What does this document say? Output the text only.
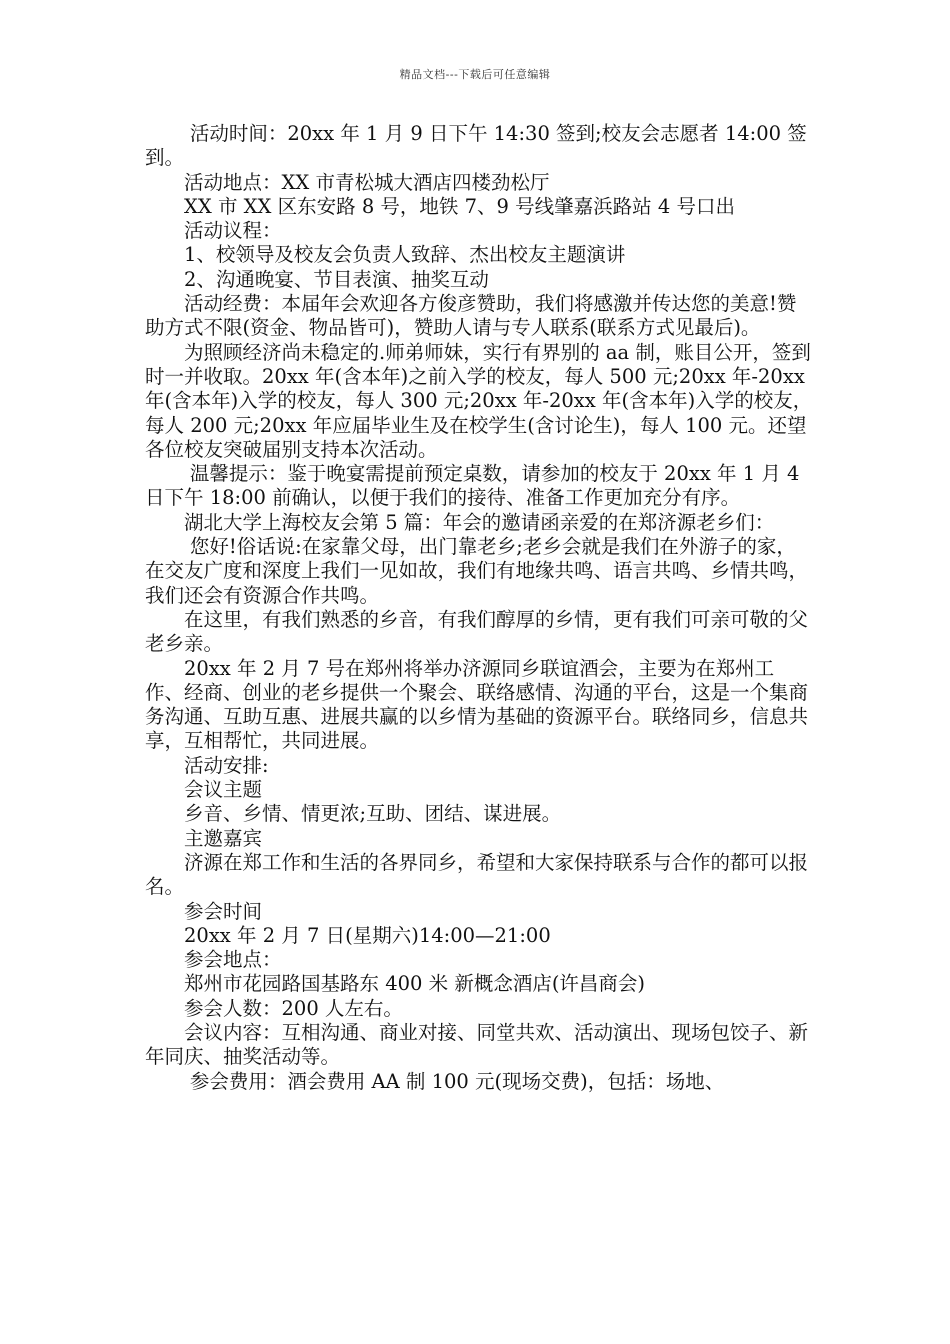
精品文档---下载后可任意编辑

活动时间：20xx 年 1 月 9 日下午 14:30 签到;校友会志愿者 14:00 签到。

活动地点：XX 市青松城大酒店四楼劲松厅

XX 市 XX 区东安路 8 号，地铁 7、9 号线肇嘉浜路站 4 号口出

活动议程：

1、校领导及校友会负责人致辞、杰出校友主题演讲

2、沟通晚宴、节目表演、抽奖互动

活动经费：本届年会欢迎各方俊彦赞助，我们将感激并传达您的美意!赞助方式不限(资金、物品皆可)，赞助人请与专人联系(联系方式见最后)。

为照顾经济尚未稳定的.师弟师妹，实行有界别的 aa 制，账目公开，签到时一并收取。20xx 年(含本年)之前入学的校友，每人 500 元;20xx 年-20xx 年(含本年)入学的校友，每人 300 元;20xx 年-20xx 年(含本年)入学的校友，每人 200 元;20xx 年应届毕业生及在校学生(含讨论生)，每人 100 元。还望各位校友突破届别支持本次活动。

温馨提示：鉴于晚宴需提前预定桌数，请参加的校友于 20xx 年 1 月 4 日下午 18:00 前确认，以便于我们的接待、准备工作更加充分有序。

湖北大学上海校友会第 5 篇：年会的邀请函亲爱的在郑济源老乡们：

您好!俗话说:在家靠父母，出门靠老乡;老乡会就是我们在外游子的家，在交友广度和深度上我们一见如故，我们有地缘共鸣、语言共鸣、乡情共鸣，我们还会有资源合作共鸣。

在这里，有我们熟悉的乡音，有我们醇厚的乡情，更有我们可亲可敬的父老乡亲。

20xx 年 2 月 7 号在郑州将举办济源同乡联谊酒会，主要为在郑州工作、经商、创业的老乡提供一个聚会、联络感情、沟通的平台，这是一个集商务沟通、互助互惠、进展共赢的以乡情为基础的资源平台。联络同乡，信息共享，互相帮忙，共同进展。

活动安排:

会议主题

乡音、乡情、情更浓;互助、团结、谋进展。

主邀嘉宾

济源在郑工作和生活的各界同乡，希望和大家保持联系与合作的都可以报名。

参会时间

20xx 年 2 月 7 日(星期六)14:00—21:00

参会地点：

郑州市花园路国基路东 400 米 新概念酒店(许昌商会)

参会人数：200 人左右。

会议内容：互相沟通、商业对接、同堂共欢、活动演出、现场包饺子、新年同庆、抽奖活动等。

参会费用：酒会费用 AA 制 100 元(现场交费)，包括：场地、
